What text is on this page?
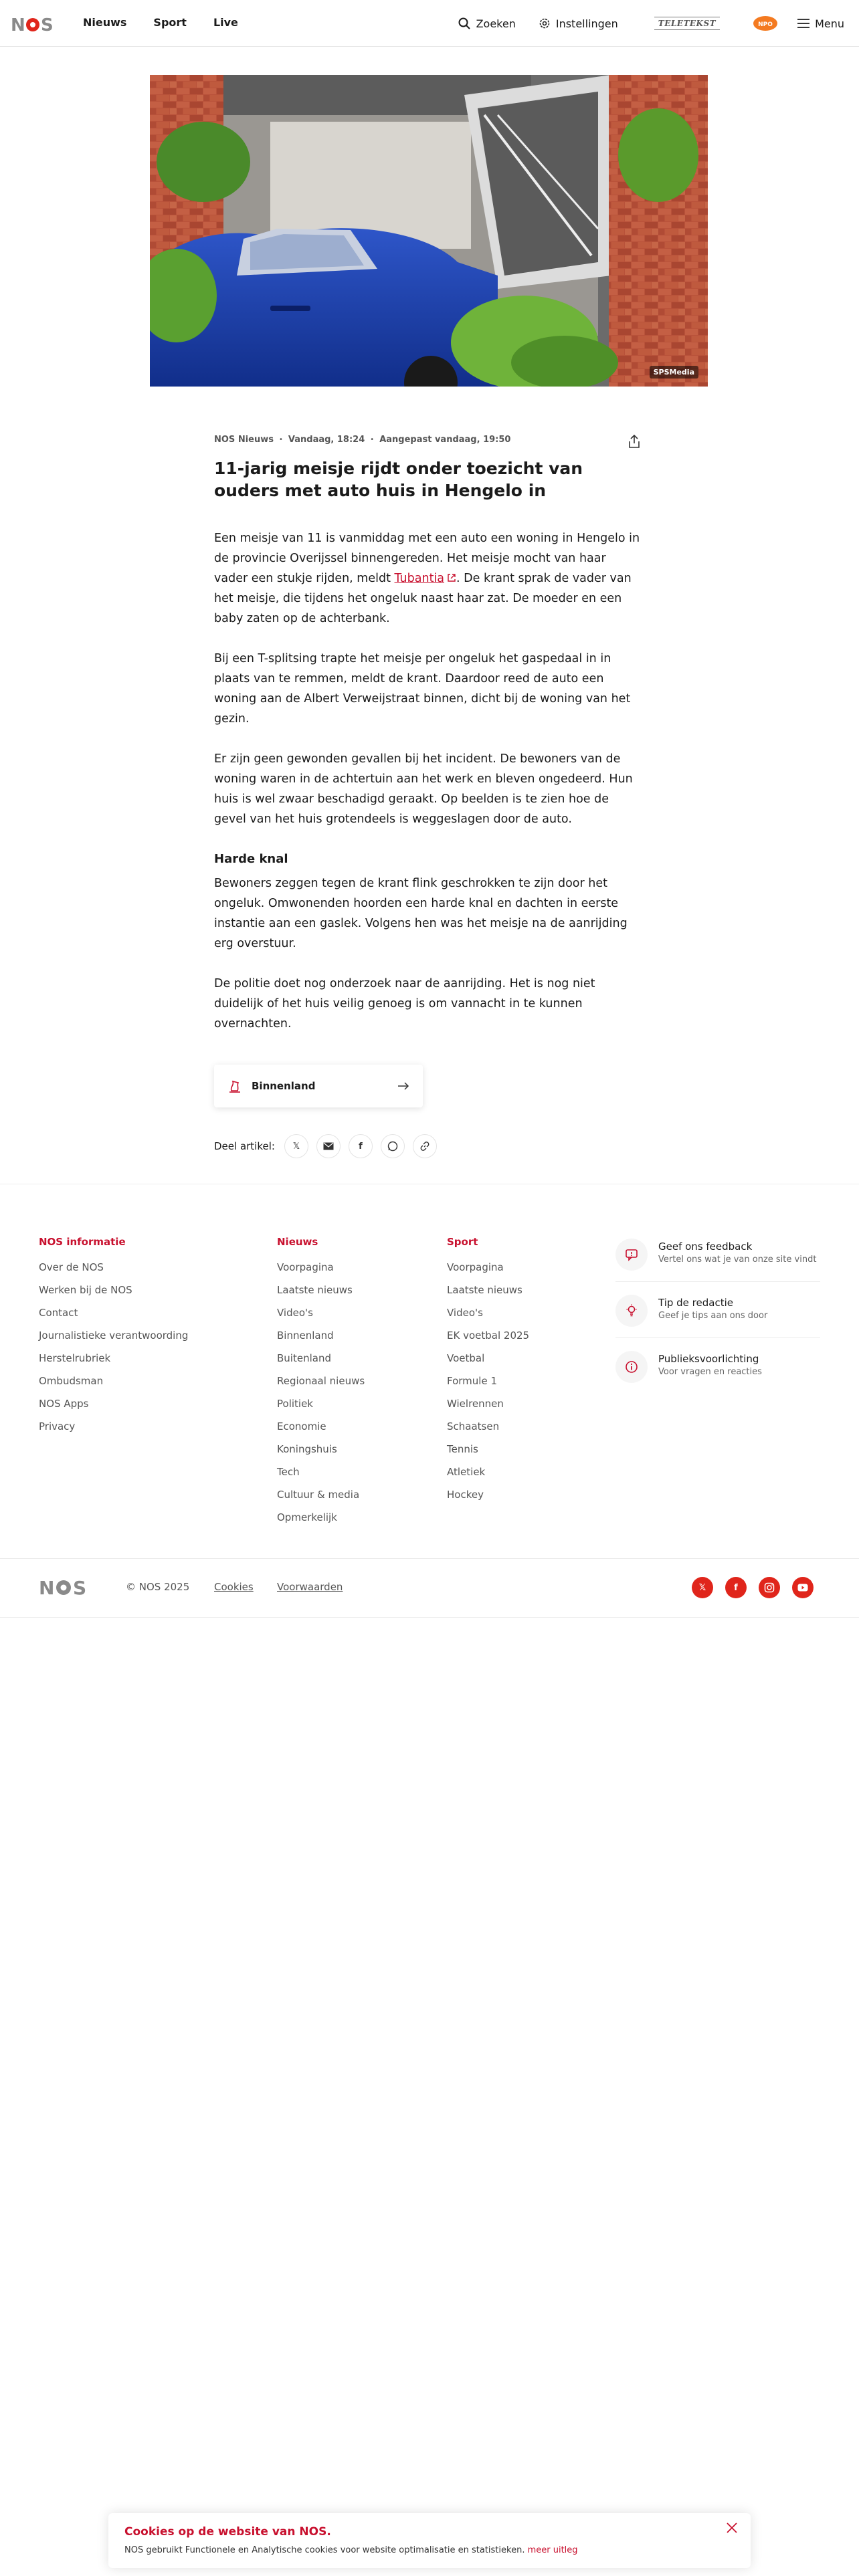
N S	Nieuws	Sport	Live	Zoeken	Instellingen	TELETEKST	NPO	Menu
SPSMedia
NOS Nieuws • Vandaag, 18:24 • Aangepast vandaag, 19:50
11-jarig meisje rijdt onder toezicht van ouders met auto huis in Hengelo in

Een meisje van 11 is vanmiddag met een auto een woning in Hengelo in de provincie Overijssel binnengereden. Het meisje mocht van haar vader een stukje rijden, meldt Tubantia . De krant sprak de vader van het meisje, die tijdens het ongeluk naast haar zat. De moeder en een baby zaten op de achterbank.

Bij een T-splitsing trapte het meisje per ongeluk het gaspedaal in in plaats van te remmen, meldt de krant. Daardoor reed de auto een woning aan de Albert Verweijstraat binnen, dicht bij de woning van het gezin.

Er zijn geen gewonden gevallen bij het incident. De bewoners van de woning waren in de achtertuin aan het werk en bleven ongedeerd. Hun huis is wel zwaar beschadigd geraakt. Op beelden is te zien hoe de gevel van het huis grotendeels is weggeslagen door de auto.

Harde knal

Bewoners zeggen tegen de krant flink geschrokken te zijn door het ongeluk. Omwonenden hoorden een harde knal en dachten in eerste instantie aan een gaslek. Volgens hen was het meisje na de aanrijding erg overstuur.

De politie doet nog onderzoek naar de aanrijding. Het is nog niet duidelijk of het huis veilig genoeg is om vannacht in te kunnen overnachten.

Binnenland
Deel artikel: 𝕏	f
NOS informatie
Over de NOS
Werken bij de NOS
Contact
Journalistieke verantwoording
Herstelrubriek
Ombudsman
NOS Apps
Privacy
Nieuws
Voorpagina
Laatste nieuws
Video's
Binnenland
Buitenland
Regionaal nieuws
Politiek
Economie
Koningshuis
Tech
Cultuur & media
Opmerkelijk
Sport
Voorpagina
Laatste nieuws
Video's
EK voetbal 2025
Voetbal
Formule 1
Wielrennen
Schaatsen
Tennis
Atletiek
Hockey
Geef ons feedback
Vertel ons wat je van onze site vindt
Tip de redactie
Geef je tips aan ons door
Publieksvoorlichting
Voor vragen en reacties
N S	© NOS 2025 Cookies Voorwaarden	𝕏	f
Cookies op de website van NOS.
NOS gebruikt Functionele en Analytische cookies voor website optimalisatie en statistieken. meer uitleg
